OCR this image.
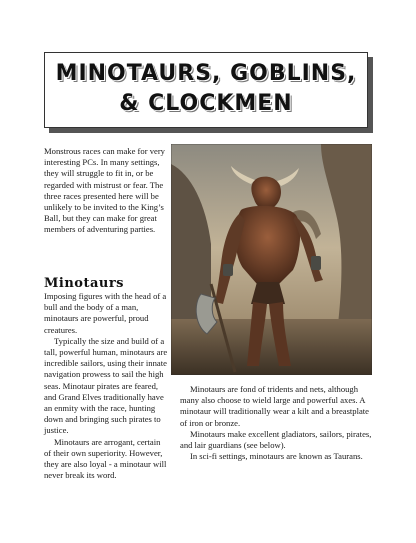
MINOTAURS, GOBLINS,
& CLOCKMEN

Monstrous races can make for very interesting PCs. In many settings, they will struggle to fit in, or be regarded with mistrust or fear. The three races presented here will be unlikely to be invited to the King’s Ball, but they can make for great members of adventuring parties.

Minotaurs

Imposing figures with the head of a bull and the body of a man, minotaurs are powerful, proud creatures.

Typically the size and build of a tall, powerful human, minotaurs are incredible sailors, using their innate navigation prowess to sail the high seas. Minotaur pirates are feared, and Grand Elves traditionally have an enmity with the race, hunting down and bringing such pirates to justice.

Minotaurs are arrogant, certain of their own superiority. However, they are also loyal - a minotaur will never break its word.

Minotaurs are fond of tridents and nets, although many also choose to wield large and powerful axes. A minotaur will traditionally wear a kilt and a breastplate of iron or bronze.

Minotaurs make excellent gladiators, sailors, pirates, and lair guardians (see below).

In sci-fi settings, minotaurs are known as Taurans.
